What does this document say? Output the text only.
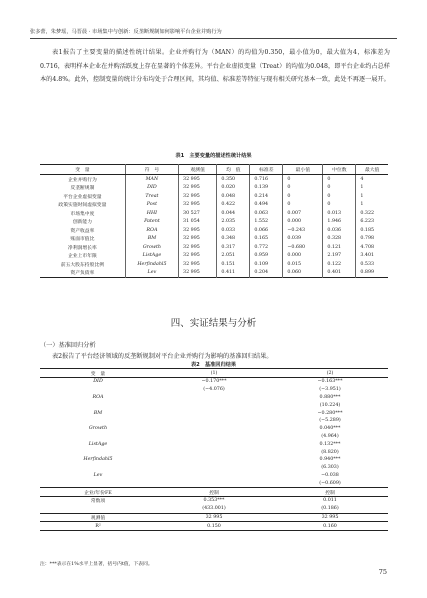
张多蕾，朱梦瑶，马晋晨 · 市场集中与创新：反垄断规制如何影响平台企业并购行为

表1报告了主要变量的描述性统计结果。企业并购行为（MAN）的均值为0.350，最小值为0，最大值为4，标准差为0.716，表明样本企业在并购活跃度上存在显著的个体差异。平台企业虚拟变量（Treat）的均值为0.048，即平台企业约占总样本的4.8%。此外，控制变量的统计分布均处于合理区间，其均值、标准差等特征与现有相关研究基本一致，此处不再逐一展开。

表1　主要变量的描述性统计结果
变　量	符　号	观测值	均　值	标准差	最小值	中位数	最大值
企业并购行为	MAN	32 995	0.350	0.716	0	0	4
反垄断规制	DID	32 995	0.020	0.139	0	0	1
平台企业虚拟变量	Treat	32 995	0.048	0.214	0	0	1
政策实施时间虚拟变量	Post	32 995	0.422	0.494	0	0	1
市场集中度	HHI	30 527	0.044	0.063	0.007	0.013	0.322
创新能力	Patent	31 054	2.035	1.552	0.000	1.946	6.223
资产收益率	ROA	32 995	0.033	0.066	−0.243	0.036	0.185
账面市值比	BM	32 995	0.348	0.165	0.039	0.328	0.798
净利润增长率	Growth	32 995	0.317	0.772	−0.680	0.121	4.708
企业上市年限	ListAge	32 995	2.051	0.959	0.000	2.197	3.401
前五大股东持股比例	Herfindahl5	32 995	0.151	0.109	0.015	0.122	0.533
资产负债率	Lev	32 995	0.411	0.204	0.060	0.401	0.899
四、实证结果与分析
（一）基准回归分析

表2报告了平台经济领域的反垄断规制对平台企业并购行为影响的基准回归结果。

表2　基准回归结果
变　量	(1)	(2)
DID	−0.170***	−0.163***
	(−4.076)	(−3.951)
ROA		0.880***
		(10.224)
BM		−0.280***
		(−5.289)
Growth		0.040***
		(4.964)
ListAge		0.132***
		(8.820)
Herfindahl5		0.940***
		(6.303)
Lev		−0.038
		(−0.609)
企业/年份FE	控制	控制
常数项	0.353***	0.011
	(433.001)	(0.186)
观测值	32 995	32 995
R²	0.150	0.160
注：***表示在1%水平上显著，括号内t值，下表同。
75
